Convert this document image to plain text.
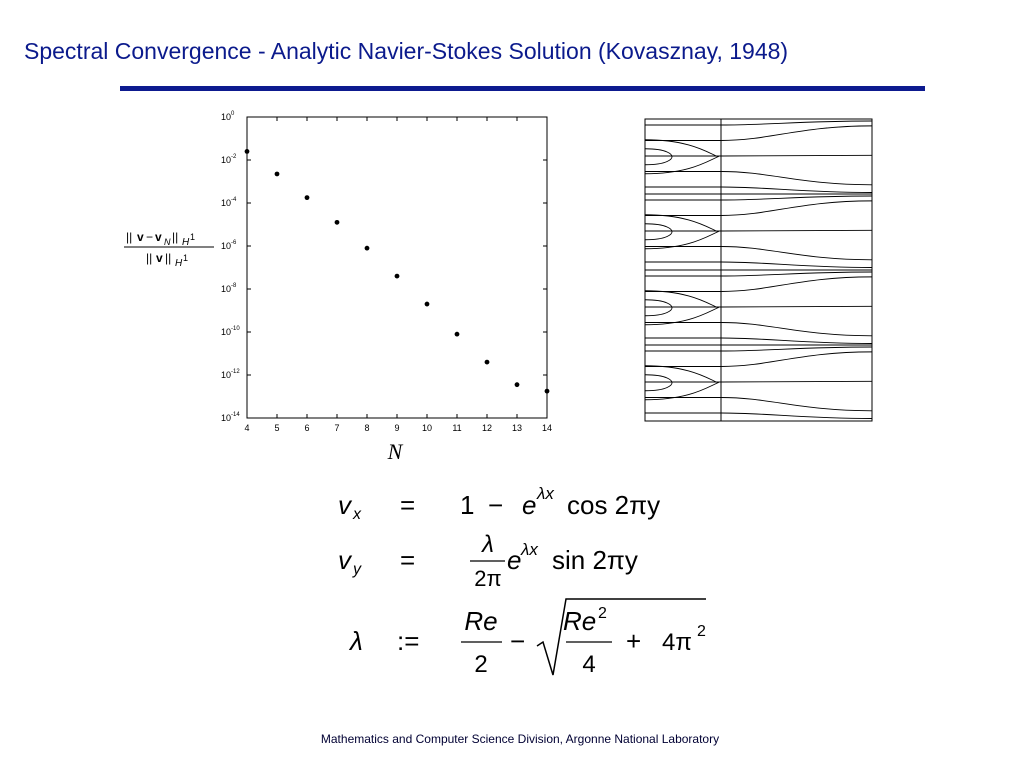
Spectral Convergence - Analytic Navier-Stokes Solution (Kovasznay, 1948)
4	5	6	7	8	9 10 11 12 13 14
$10^0$
$10^{-2}$
$10^{-4}$
$10^{-6}$
$10^{-8}$
$10^{-10}$
$10^{-12}$
$10^{-14}$
|| v − v N || H 1
|| v || H 1
N
v x = 1 − e λx cos 2πy
v y =
λ
2π
e λx sin 2πy
λ :=
Re
2
−
Re 2
4
+ 4π 2
Mathematics and Computer Science Division, Argonne National Laboratory
